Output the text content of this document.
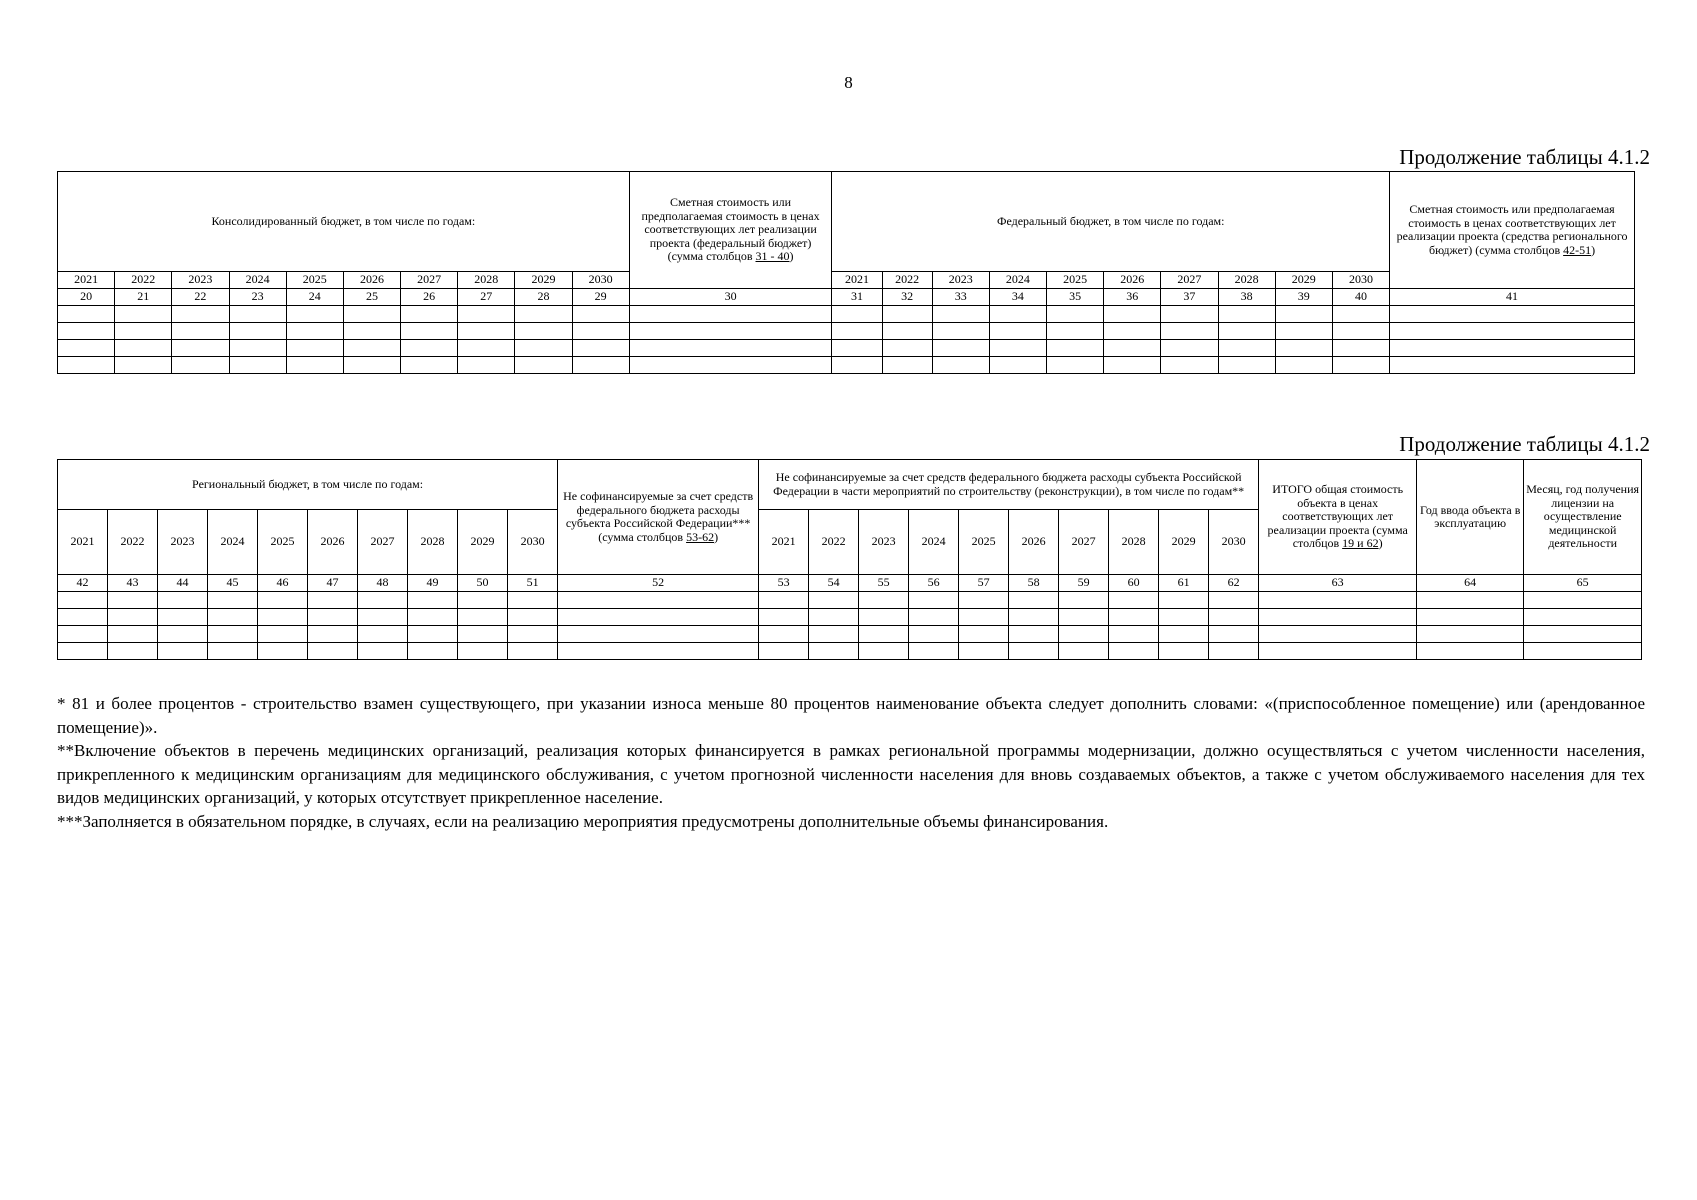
8
Продолжение таблицы 4.1.2
Консолидированный бюджет, в том числе по годам:										Сметная стоимость или предполагаемая стоимость в ценах соответствующих лет реализации проекта (федеральный бюджет) (сумма столбцов 31 - 40)	Федеральный бюджет, в том числе по годам:										Сметная стоимость или предполагаемая стоимость в ценах соответствующих лет реализации проекта (средства регионального бюджет) (сумма столбцов 42-51)
2021	2022	2023	2024	2025	2026	2027	2028	2029	2030		2021	2022	2023	2024	2025	2026	2027	2028	2029	2030	
20	21	22	23	24	25	26	27	28	29	30	31	32	33	34	35	36	37	38	39	40	41

Продолжение таблицы 4.1.2
Региональный бюджет, в том числе по годам:										Не софинансируемые за счет средств федерального бюджета расходы субъекта Российской Федерации*** (сумма столбцов 53-62)	Не софинансируемые за счет средств федерального бюджета расходы субъекта Российской Федерации в части мероприятий по строительству (реконструкции), в том числе по годам**										ИТОГО общая стоимость объекта в ценах соответствующих лет реализации проекта (сумма столбцов 19 и 62)	Год ввода объекта в эксплуатацию	Месяц, год получения лицензии на осуществление медицинской деятельности
2021	2022	2023	2024	2025	2026	2027	2028	2029	2030		2021	2022	2023	2024	2025	2026	2027	2028	2029	2030			
42	43	44	45	46	47	48	49	50	51	52	53	54	55	56	57	58	59	60	61	62	63	64	65

* 81 и более процентов - строительство взамен существующего, при указании износа меньше 80 процентов наименование объекта следует дополнить словами: «(приспособленное помещение) или (арендованное помещение)».

**Включение объектов в перечень медицинских организаций, реализация которых финансируется в рамках региональной программы модернизации, должно осуществляться с учетом численности населения, прикрепленного к медицинским организациям для медицинского обслуживания, с учетом прогнозной численности населения для вновь создаваемых объектов, а также с учетом обслуживаемого населения для тех видов медицинских организаций, у которых отсутствует прикрепленное население.

***Заполняется в обязательном порядке, в случаях, если на реализацию мероприятия предусмотрены дополнительные объемы финансирования.
